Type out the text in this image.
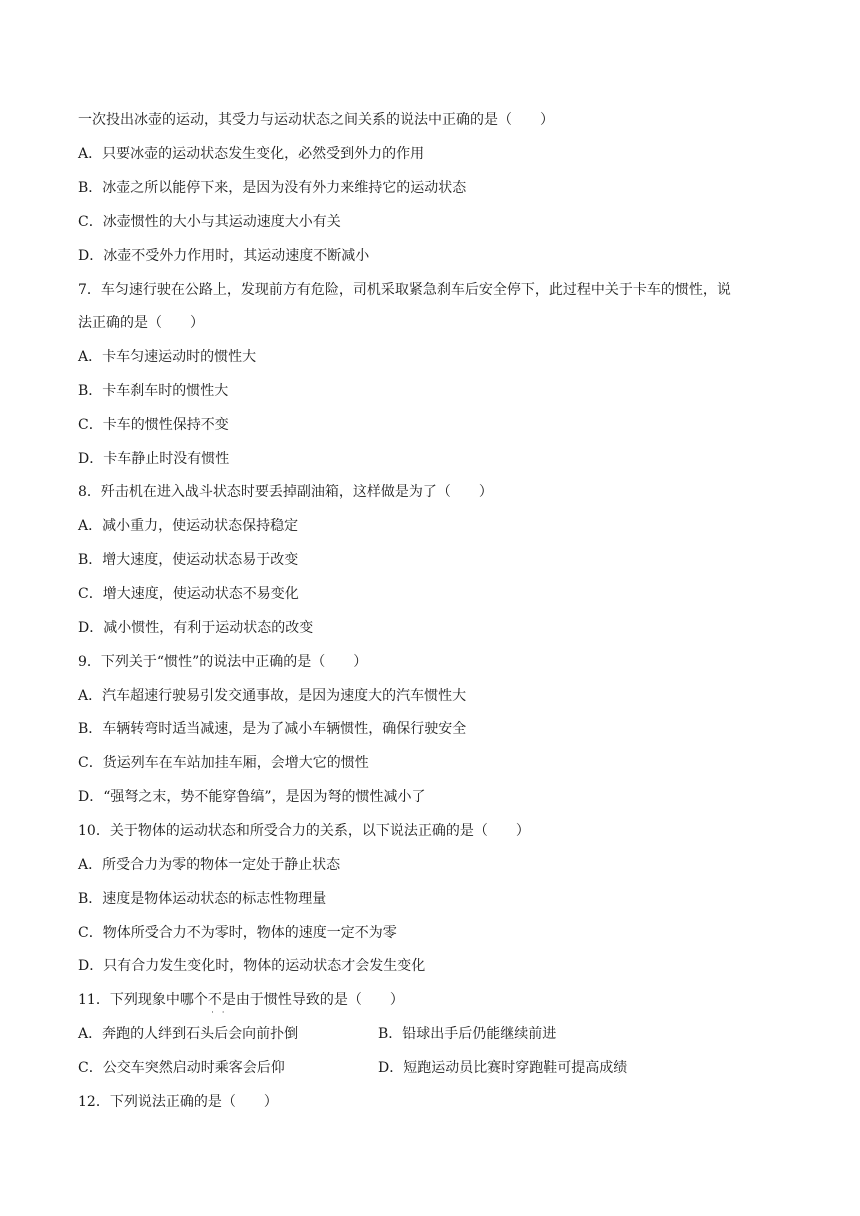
一次投出冰壶的运动，其受力与运动状态之间关系的说法中正确的是（　　）
A．只要冰壶的运动状态发生变化，必然受到外力的作用
B．冰壶之所以能停下来，是因为没有外力来维持它的运动状态
C．冰壶惯性的大小与其运动速度大小有关
D．冰壶不受外力作用时，其运动速度不断减小
7．车匀速行驶在公路上，发现前方有危险，司机采取紧急刹车后安全停下，此过程中关于卡车的惯性，说
法正确的是（　　）
A．卡车匀速运动时的惯性大
B．卡车刹车时的惯性大
C．卡车的惯性保持不变
D．卡车静止时没有惯性
8．歼击机在进入战斗状态时要丢掉副油箱，这样做是为了（　　）
A．减小重力，使运动状态保持稳定
B．增大速度，使运动状态易于改变
C．增大速度，使运动状态不易变化
D．减小惯性，有利于运动状态的改变
9．下列关于“惯性”的说法中正确的是（　　）
A．汽车超速行驶易引发交通事故，是因为速度大的汽车惯性大
B．车辆转弯时适当减速，是为了减小车辆惯性，确保行驶安全
C．货运列车在车站加挂车厢，会增大它的惯性
D．“强弩之末，势不能穿鲁缟”，是因为弩的惯性减小了
10．关于物体的运动状态和所受合力的关系，以下说法正确的是（　　）
A．所受合力为零的物体一定处于静止状态
B．速度是物体运动状态的标志性物理量
C．物体所受合力不为零时，物体的速度一定不为零
D．只有合力发生变化时，物体的运动状态才会发生变化
11．下列现象中哪个不是
··
由于惯性导致的是（　　）
A．奔跑的人绊到石头后会向前扑倒	B．铅球出手后仍能继续前进
C．公交车突然启动时乘客会后仰	D．短跑运动员比赛时穿跑鞋可提高成绩
12．下列说法正确的是（　　）
